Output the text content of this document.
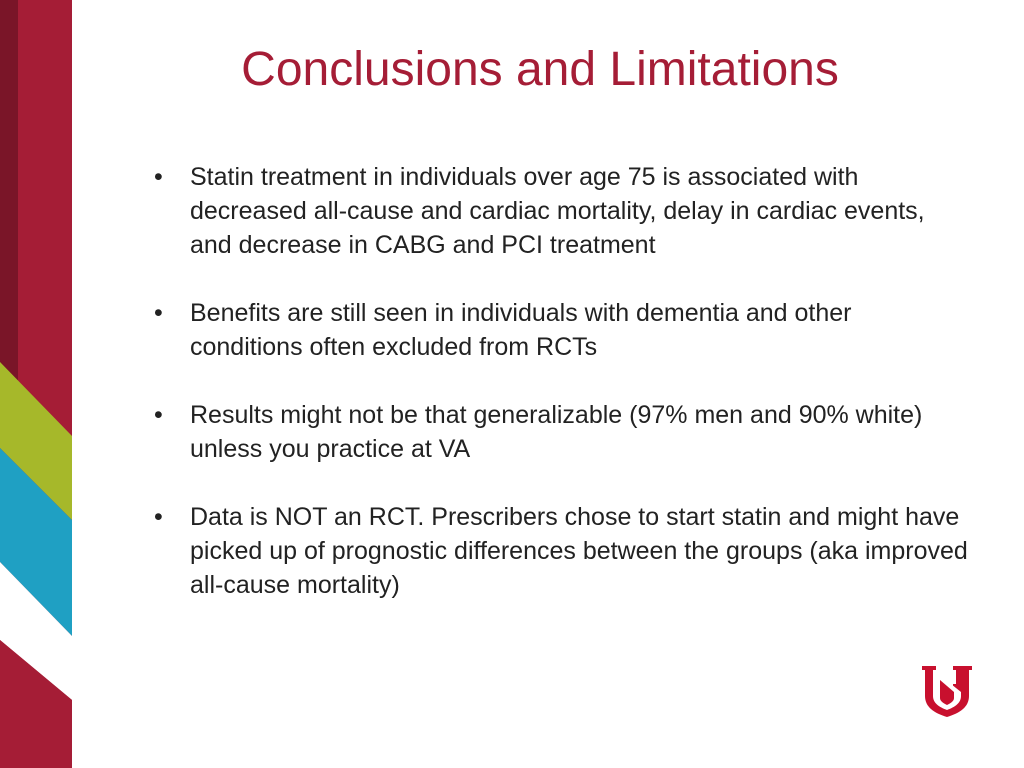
Conclusions and Limitations
• Statin treatment in individuals over age 75 is associated with decreased all-cause and cardiac mortality, delay in cardiac events, and decrease in CABG and PCI treatment
• Benefits are still seen in individuals with dementia and other conditions often excluded from RCTs
• Results might not be that generalizable (97% men and 90% white) unless you practice at VA
• Data is NOT an RCT. Prescribers chose to start statin and might have picked up of prognostic differences between the groups (aka improved all-cause mortality)
